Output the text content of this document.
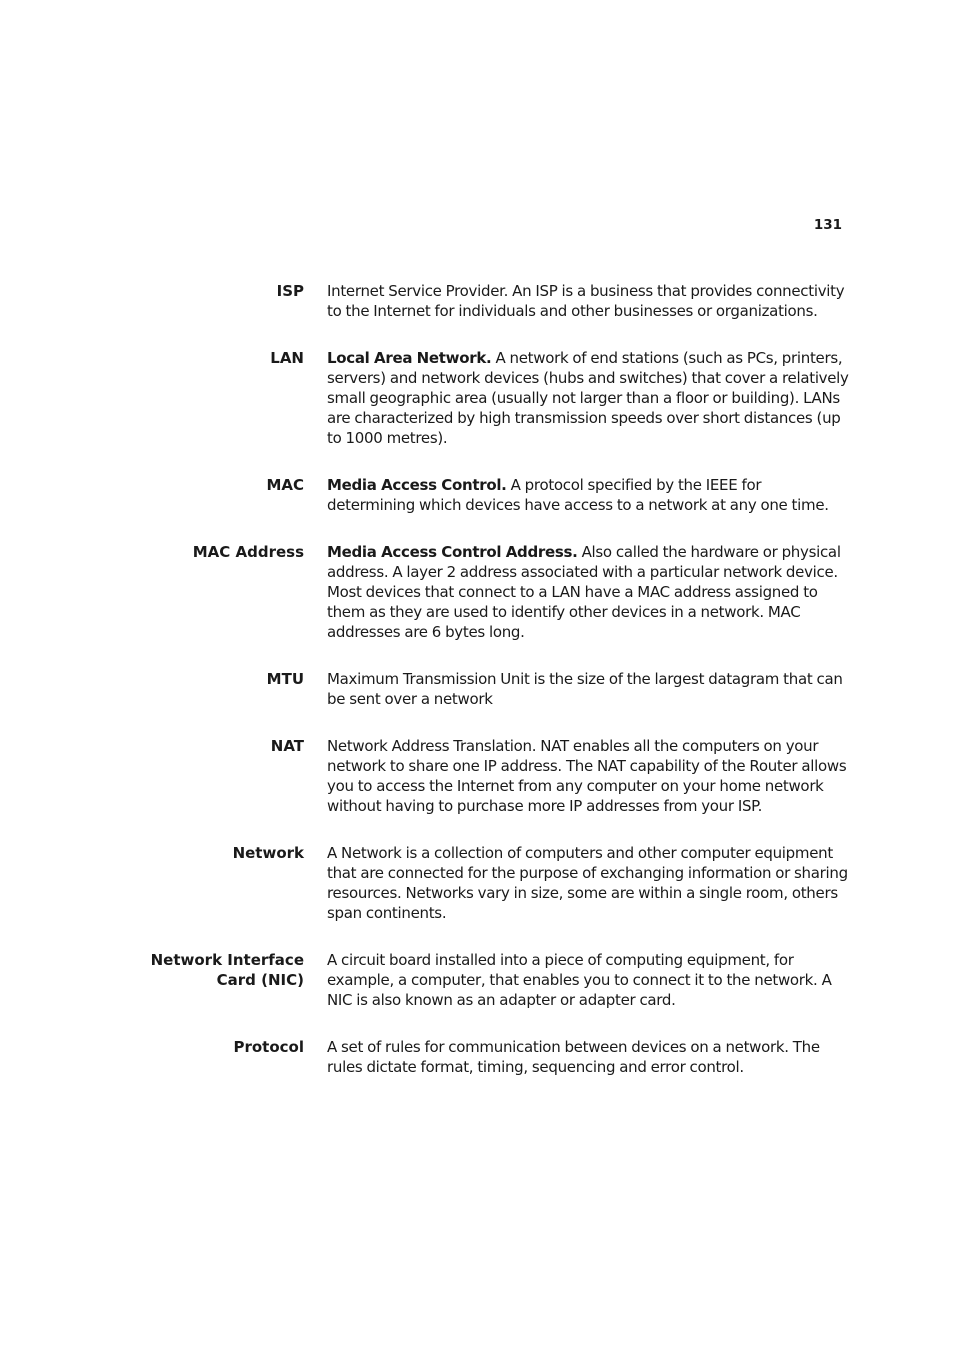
131
ISP Internet Service Provider. An ISP is a business that provides connectivity to the Internet for individuals and other businesses or organizations.
LAN Local Area Network. A network of end stations (such as PCs, printers, servers) and network devices (hubs and switches) that cover a relatively small geographic area (usually not larger than a floor or building). LANs are characterized by high transmission speeds over short distances (up to 1000 metres).
MAC Media Access Control. A protocol specified by the IEEE for determining which devices have access to a network at any one time.
MAC Address Media Access Control Address. Also called the hardware or physical address. A layer 2 address associated with a particular network device. Most devices that connect to a LAN have a MAC address assigned to them as they are used to identify other devices in a network. MAC addresses are 6 bytes long.
MTU Maximum Transmission Unit is the size of the largest datagram that can be sent over a network
NAT Network Address Translation. NAT enables all the computers on your network to share one IP address. The NAT capability of the Router allows you to access the Internet from any computer on your home network without having to purchase more IP addresses from your ISP.
Network A Network is a collection of computers and other computer equipment that are connected for the purpose of exchanging information or sharing resources. Networks vary in size, some are within a single room, others span continents.
Network Interface
Card (NIC)
A circuit board installed into a piece of computing equipment, for example, a computer, that enables you to connect it to the network. A NIC is also known as an adapter or adapter card.
Protocol A set of rules for communication between devices on a network. The rules dictate format, timing, sequencing and error control.
